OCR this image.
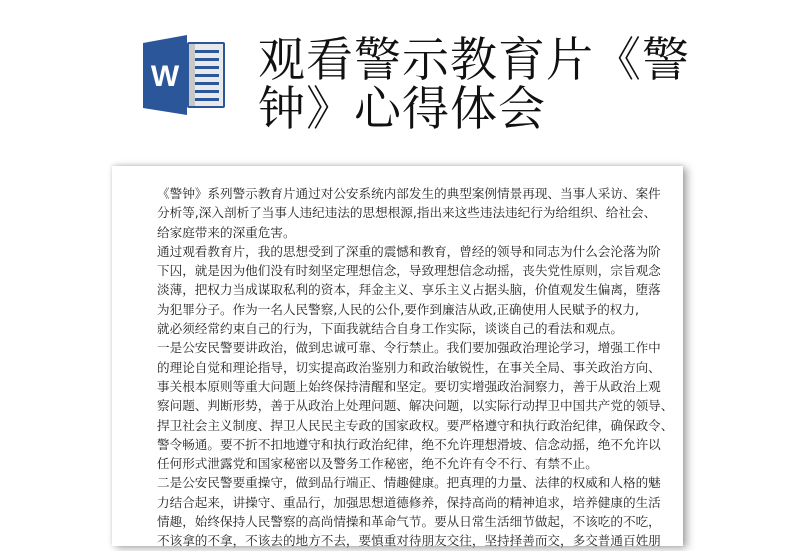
W 观看警示教育片《警
钟》心得体会
《警钟》系列警示教育片通过对公安系统内部发生的典型案例情景再现、当事人采访、案件
分析等,深入剖析了当事人违纪违法的思想根源,指出来这些违法违纪行为给组织、给社会、
给家庭带来的深重危害。
通过观看教育片，我的思想受到了深重的震憾和教育，曾经的领导和同志为什么会沦落为阶
下囚，就是因为他们没有时刻坚定理想信念，导致理想信念动摇，丧失党性原则，宗旨观念
淡薄，把权力当成谋取私利的资本，拜金主义、享乐主义占据头脑，价值观发生偏离，堕落
为犯罪分子。作为一名人民警察,人民的公仆,要作到廉洁从政,正确使用人民赋予的权力,
就必须经常约束自己的行为，下面我就结合自身工作实际，谈谈自己的看法和观点。
一是公安民警要讲政治，做到忠诚可靠、令行禁止。我们要加强政治理论学习，增强工作中
的理论自觉和理论指导，切实提高政治鉴别力和政治敏锐性，在事关全局、事关政治方向、
事关根本原则等重大问题上始终保持清醒和坚定。要切实增强政治洞察力，善于从政治上观
察问题、判断形势，善于从政治上处理问题、解决问题，以实际行动捍卫中国共产党的领导、
捍卫社会主义制度、捍卫人民民主专政的国家政权。要严格遵守和执行政治纪律，确保政令、
警令畅通。要不折不扣地遵守和执行政治纪律，绝不允许理想滑坡、信念动摇，绝不允许以
任何形式泄露党和国家秘密以及警务工作秘密，绝不允许有令不行、有禁不止。
二是公安民警要重操守，做到品行端正、情趣健康。把真理的力量、法律的权威和人格的魅
力结合起来，讲操守、重品行，加强思想道德修养，保持高尚的精神追求，培养健康的生活
情趣，始终保持人民警察的高尚情操和革命气节。要从日常生活细节做起，不该吃的不吃，
不该拿的不拿，不该去的地方不去，要慎重对待朋友交往，坚持择善而交，多交普通百姓朋
